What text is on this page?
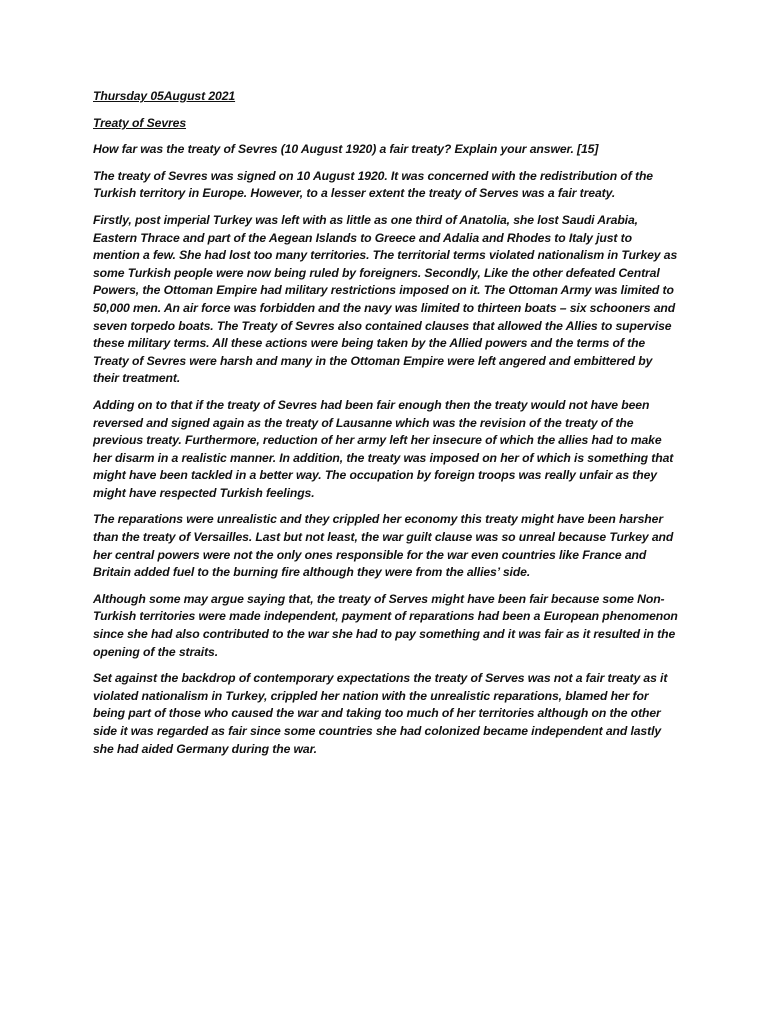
Thursday 05August 2021
Treaty of Sevres

How far was the treaty of Sevres (10 August 1920) a fair treaty? Explain your answer. [15]

The treaty of Sevres was signed on 10 August 1920. It was concerned with the redistribution of the Turkish territory in Europe. However, to a lesser extent the treaty of Serves was a fair treaty.

Firstly, post imperial Turkey was left with as little as one third of Anatolia, she lost Saudi Arabia, Eastern Thrace and part of the Aegean Islands to Greece and Adalia and Rhodes to Italy just to mention a few. She had lost too many territories. The territorial terms violated nationalism in Turkey as some Turkish people were now being ruled by foreigners. Secondly, Like the other defeated Central Powers, the Ottoman Empire had military restrictions imposed on it. The Ottoman Army was limited to 50,000 men. An air force was forbidden and the navy was limited to thirteen boats – six schooners and seven torpedo boats. The Treaty of Sevres also contained clauses that allowed the Allies to supervise these military terms. All these actions were being taken by the Allied powers and the terms of the Treaty of Sevres were harsh and many in the Ottoman Empire were left angered and embittered by their treatment.

Adding on to that if the treaty of Sevres had been fair enough then the treaty would not have been reversed and signed again as the treaty of Lausanne which was the revision of the treaty of the previous treaty. Furthermore, reduction of her army left her insecure of which the allies had to make her disarm in a realistic manner. In addition, the treaty was imposed on her of which is something that might have been tackled in a better way. The occupation by foreign troops was really unfair as they might have respected Turkish feelings.

The reparations were unrealistic and they crippled her economy this treaty might have been harsher than the treaty of Versailles. Last but not least, the war guilt clause was so unreal because Turkey and her central powers were not the only ones responsible for the war even countries like France and Britain added fuel to the burning fire although they were from the allies’ side.

Although some may argue saying that, the treaty of Serves might have been fair because some Non-Turkish territories were made independent, payment of reparations had been a European phenomenon since she had also contributed to the war she had to pay something and it was fair as it resulted in the opening of the straits.

Set against the backdrop of contemporary expectations the treaty of Serves was not a fair treaty as it violated nationalism in Turkey, crippled her nation with the unrealistic reparations, blamed her for being part of those who caused the war and taking too much of her territories although on the other side it was regarded as fair since some countries she had colonized became independent and lastly she had aided Germany during the war.
